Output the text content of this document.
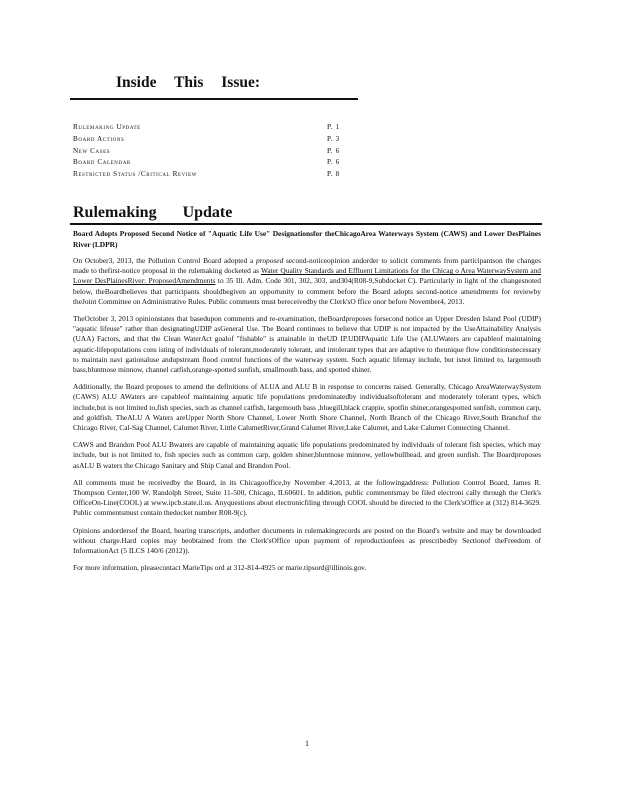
Inside This Issue:
Rulemaking Update	P. 1
Board Actions	P. 3
New Cases	P. 6
Board Calendar	P. 6
Restricted Status /Critical Review	P. 8
Rulemaking Update
Board Adopts Proposed Second Notice of "Aquatic Life Use" Designationsfor theChicagoArea Waterways System (CAWS) and Lower DesPlaines River (LDPR)

On October3, 2013, the Pollution Control Board adopted a proposed second-noticeopinion andorder to solicit comments from participantson the changes made to thefirst-notice proposal in the rulemaking docketed as Water Quality Standards and Effluent Limitations for the Chicag o Area WaterwaySystem and Lower DesPlainesRiver: ProposedAmendments to 35 Ill. Adm. Code 301, 302, 303, and304(R08-9,Subdocket C). Particularly in light of the changesnoted below, theBoardbelieves that participants shouldbegiven an opportunity to comment before the Board adopts second-notice amendments for reviewby theJoint Committee on Administrative Rules. Public comments must bereceivedby the Clerk'sO ffice onor before November4, 2013.

TheOctober 3, 2013 opinionstates that basedupon comments and re-examination, theBoardproposes forsecond notice an Upper Dresden Island Pool (UDIP) "aquatic lifeuse" rather than designatingUDIP asGeneral Use. The Board continues to believe that UDIP is not impacted by the UseAttainability Analysis (UAA) Factors, and that the Clean WaterAct goalof "fishable" is attainable in theUD IP.UDIPAquatic Life Use (ALUWaters are capableof maintaining aquatic-lifepopulations cons isting of individuals of tolerant,moderately tolerant, and intolerant types that are adaptive to theunique flow conditionsnecessary to maintain navi gationaluse andupstream flood control functions of the waterway system. Such aquatic lifemay include, but isnot limited to, largemouth bass,bluntnose minnow, channel catfish,orange-spotted sunfish, smallmouth bass, and spotted shiner.

Additionally, the Board proposes to amend the definitions of ALUA and ALU B in response to concerns raised. Generally, Chicago AreaWaterwaySystem (CAWS) ALU AWaters are capableof maintaining aquatic life populations predominatedby individualsoftolerant and moderately tolerant types, which include,but is not limited to,fish species, such as channel catfish, largemouth bass ,bluegill,black crappie, spotfin shiner,orangespotted sunfish, common carp, and goldfish. TheALU A Waters areUpper North Shore Channel, Lower North Shore Channel, North Branch of the Chicago River,South Branchof the Chicago River, Cal-Sag Channel, Calumet River, Little CalumetRiver,Grand Calumet River,Lake Calumet, and Lake Calumet Connecting Channel.

CAWS and Brandon Pool ALU Bwaters are capable of maintaining aquatic life populations predominated by individuals of tolerant fish species, which may include, but is not limited to, fish species such as common carp, golden shiner,bluntnose minnow, yellowbullhead, and green sunfish. The Boardproposes asALU B waters the Chicago Sanitary and Ship Canal and Brandon Pool.

All comments must be receivedby the Board, in its Chicagooffice,by November 4,2013, at the followingaddress: Pollution Control Board, James R. Thompson Center,100 W. Randolph Street, Suite 11-500, Chicago, IL60601. In addition, public commentsmay be filed electroni cally through the Clerk's OfficeOn-Line(COOL) at www.ipcb.state.il.us. Anyquestions about electronicfiling through COOL should be directed to the Clerk'sOffice at (312) 814-3629. Public commentsmust contain thedocket number R08-9(c).

Opinions andordersof the Board, hearing transcripts, andother documents in rulemakingrecords are posted on the Board's website and may be downloaded without charge.Hard copies may beobtained from the Clerk'sOffice upon payment of reproductionfees as prescribedby Sectionof theFreedom of InformationAct (5 ILCS 140/6 (2012)).

For more information, pleasecontact MarieTips ord at 312-814-4925 or marie.tipsord@illinois.gov.

1
